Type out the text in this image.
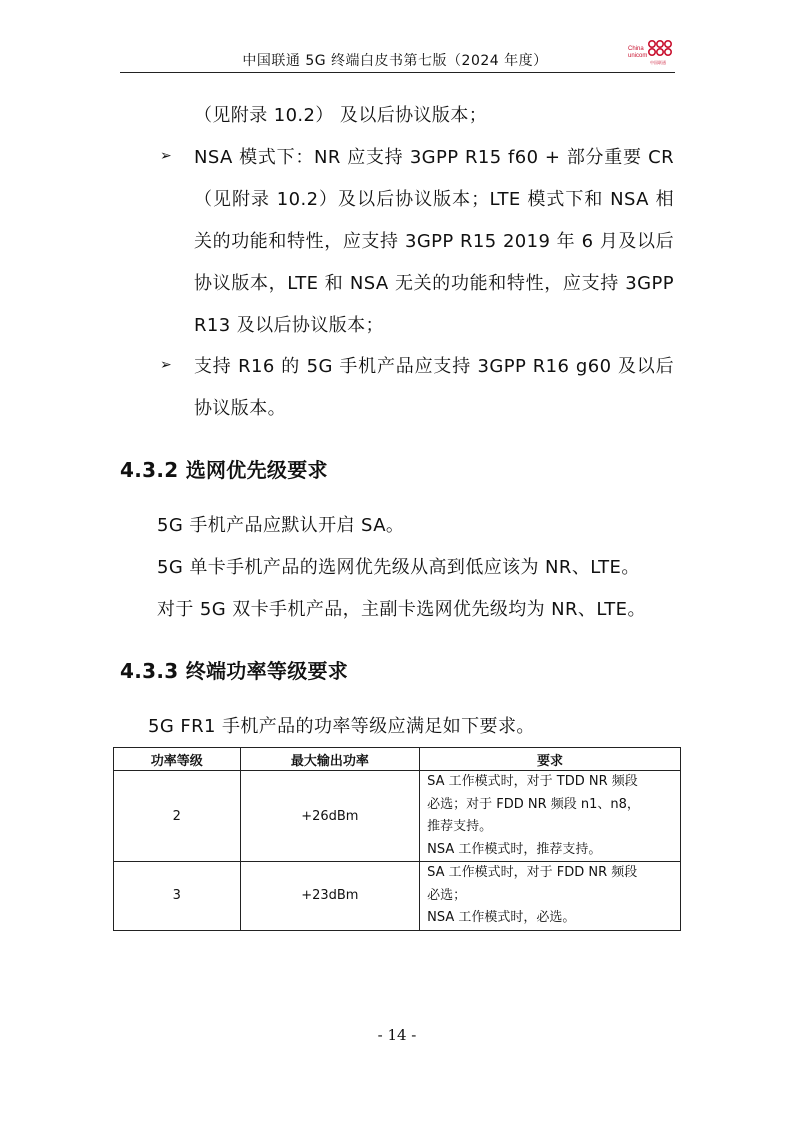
中国联通 5G 终端白皮书第七版（2024 年度）
China
unicom
中国联通

（见附录 10.2） 及以后协议版本；

➢ NSA 模式下：NR 应支持 3GPP R15 f60 + 部分重要 CR（见附录 10.2）及以后协议版本；LTE 模式下和 NSA 相关的功能和特性，应支持 3GPP R15 2019 年 6 月及以后协议版本，LTE 和 NSA 无关的功能和特性，应支持 3GPP R13 及以后协议版本；

➢ 支持 R16 的 5G 手机产品应支持 3GPP R16 g60 及以后协议版本。

4.3.2 选网优先级要求

5G 手机产品应默认开启 SA。

5G 单卡手机产品的选网优先级从高到低应该为 NR、LTE。

对于 5G 双卡手机产品，主副卡选网优先级均为 NR、LTE。

4.3.3 终端功率等级要求

5G FR1 手机产品的功率等级应满足如下要求。

功率等级	最大输出功率	要求
2	+26dBm	SA 工作模式时，对于 TDD NR 频段
必选；对于 FDD NR 频段 n1、n8，
推荐支持。
NSA 工作模式时，推荐支持。

3	+23dBm	SA 工作模式时，对于 FDD NR 频段
必选；
NSA 工作模式时，必选。
- 14 -
